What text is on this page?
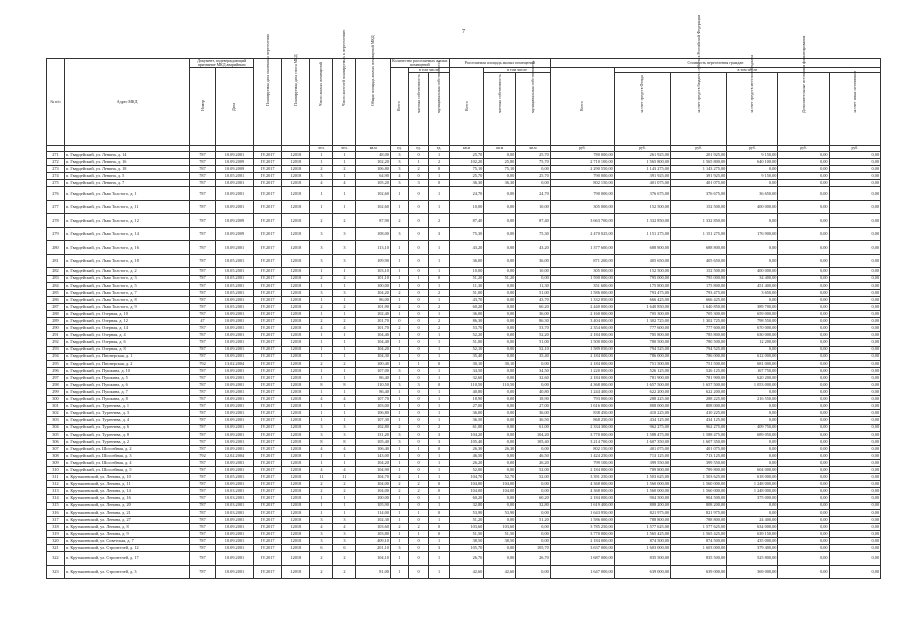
7
№ п/п	Адрес МКД	Документ, подтверждающий признание МКД аварийным		Планируемая дата окончания переселения	Планируемая дата сноса МКД	Число жилых помещений	Число жителей планируемых к переселению	Общая площадь жилых помещений МКД	Количество расселяемых жилых помещений			Расселяемая площадь жилых помещений			Стоимость переселения граждан					
		Номер	Дата						Всего	в том числе		Всего	в том числе		Всего	в том числе				
										частная собственность	муниципальная собственность		частная собственность	муниципальная собственность		за счет средств Фонда	за счет средств бюджета субъекта Российской Федерации	за счет средств местного бюджета	Дополнительные источники финансирования	за счет иных источников
						чел.	чел.	кв.м	ед.	ед.	ед.	кв.м	кв.м	кв.м	руб.	руб.	руб.	руб.	руб.	руб.
271	п. Гвардейский, ул. Ленина, д. 14	787	10.09.2001	IV.2017	12018	1	1	48,00	3	0	1	25,70	0,00	25,70	780 000,00	261 925,00	201 925,00	9 150,00	0,00	0,00
272	п. Гвардейский, ул. Ленина, д. 16	787	10.09.2009	IV.2017	12018	1	1	102,20	3	1	2	102,20	25,80	75,70	2 710 100,00	1 565 800,00	1 565 800,00	640 100,00	0,00	0,00
273	п. Гвардейский, ул. Ленина, д. 18	787	10.09.2009	IV.2017	12018	2	2	106,80	3	2	0	75,10	75,10	0,00	2 290 550,00	1 143 275,00	1 143 275,00	0,00	0,00	0,00
274	п. Гвардейский, ул. Ленина, д. 5	787	10.05.2001	IV.2017	12018	3	1	64,90	4	0	1	25,70	0,00	25,70	790 000,00	391 925,00	391 925,00	9 150,00	0,00	0,00
275	п. Гвардейский, ул. Ленина, д. 7	787	10.09.2001	IV.2017	12018	4	4	105,20	3	3	0	36,30	36,30	0,00	802 150,00	401 075,00	401 075,00	0,00	0,00	0,00
276	п. Гвардейский, ул. Льва Толстого, д. 1	787	10.09.2001	IV.2017	12018	1	1	102,60	1	0	1	24,70	0,00	24,70	790 000,00	376 675,00	376 675,00	36 650,00	0,00	0,00
277	п. Гвардейский, ул. Льва Толстого, д. 11	787	10.09.2001	IV.2017	12018	1	1	102,60	1	0	1	10,00	0,00	10,00	305 000,00	152 500,00	152 500,00	400 000,00	0,00	0,00
278	п. Гвардейский, ул. Льва Толстого, д. 12	787	10.09.2009	IV.2017	12018	2	2	87,90	2	0	2	87,40	0,00	87,40	3 663 700,00	1 332 850,00	1 332 850,00	0,00	0,00	0,00
279	п. Гвардейский, ул. Льва Толстого, д. 14	787	10.09.2009	IV.2017	12018	3	3	108,00	3	0	3	75,30	0,00	75,30	2 470 025,00	1 151 275,00	1 151 275,00	176 900,00	0,00	0,00
280	п. Гвардейский, ул. Льва Толстого, д. 16	787	10.09.2001	IV.2017	12018	3	3	113,10	1	0	1	43,20	0,00	43,20	1 377 600,00	688 800,00	688 800,00	0,00	0,00	0,00
281	п. Гвардейский, ул. Льва Толстого, д. 18	787	10.05.2001	IV.2017	12018	3	3	109,90	1	0	1	36,00	0,00	36,00	871 200,00	405 650,00	405 650,00	0,00	0,00	0,00
282	п. Гвардейский, ул. Льва Толстого, д. 2	787	10.05.2001	IV.2017	12018	1	1	103,10	1	0	1	10,00	0,00	10,00	305 000,00	152 500,00	152 500,00	400 000,00	0,00	0,00
283	п. Гвардейский, ул. Льва Толстого, д. 3	787	10.05.2001	IV.2017	12018	2	2	101,10	1	1	0	51,20	51,20	0,00	1 590 000,00	795 000,00	795 000,00	34 400,00	0,00	0,00
284	п. Гвардейский, ул. Льва Толстого, д. 5	787	10.05.2001	IV.2017	12018	1	1	100,00	1	0	1	11,30	0,00	11,30	351 600,00	175 800,00	175 800,00	451 400,00	0,00	0,00
285	п. Гвардейский, ул. Льва Толстого, д. 7	787	10.05.2001	IV.2017	12018	3	3	104,20	2	0	2	51,00	0,00	51,00	1 586 000,00	793 475,00	793 475,00	3 650,00	0,00	0,00
286	п. Гвардейский, ул. Льва Толстого, д. 8	787	10.09.2001	IV.2017	12018	1	1	86,00	1	0	1	43,70	0,00	43,70	1 332 850,00	666 425,00	666 425,00	0,00	0,00	0,00
287	п. Гвардейский, ул. Льва Толстого, д. 9	787	10.05.2001	IV.2017	12018	2	2	101,90	2	0	2	60,20	0,00	60,20	2 440 000,00	1 640 850,00	1 640 850,00	389 700,00	0,00	0,00
288	п. Гвардейский, ул. Озерная, д. 10	787	10.09.2001	IV.2017	12018	1	1	102,40	1	0	1	36,00	0,00	36,00	2 160 000,00	705 300,00	705 300,00	659 000,00	0,00	0,00
289	п. Гвардейский, ул. Озерная, д. 12	47	10.09.2001	IV.2017	12018	2	2	101,70	0	0	2	86,30	0,00	86,30	3 404 000,00	1 302 725,00	1 302 725,00	798 550,00	0,00	0,00
290	п. Гвардейский, ул. Озерная, д. 14	787	10.09.2001	IV.2017	12018	4	4	101,70	2	0	2	53,70	0,00	53,70	2 354 600,00	777 600,00	777 600,00	670 000,00	0,00	0,00
291	п. Гвардейский, ул. Озерная, д. 4	787	10.09.2001	IV.2017	12018	1	1	104,40	1	0	1	52,20	0,00	52,20	2 184 000,00	785 800,00	785 800,00	630 000,00	0,00	0,00
292	п. Гвардейский, ул. Озерная, д. 6	787	10.09.2001	IV.2017	12018	1	1	104,40	1	0	1	51,00	0,00	51,00	1 500 000,00	780 500,00	780 500,00	12 200,00	0,00	0,00
293	п. Гвардейский, ул. Озерная, д. 8	787	10.09.2001	IV.2017	12018	1	1	104,20	1	0	1	52,10	0,00	52,10	1 589 050,00	794 525,00	794 525,00	0,00	0,00	0,00
294	п. Гвардейский, ул. Пионерская, д. 1	787	10.09.2001	IV.2017	12018	1	1	104,30	1	0	1	35,40	0,00	35,40	2 184 000,00	786 000,00	786 000,00	612 000,00	0,00	0,00
295	п. Гвардейский, ул. Пионерская, д. 2	792	13.02.2004	IV.2017	12018	2	2	100,40	1	1	0	30,10	30,10	0,00	2 184 000,00	751 500,00	751 500,00	681 000,00	0,00	0,00
296	п. Гвардейский, ул. Пушкина, д. 10	787	10.09.2001	IV.2017	12018	1	1	107,00	3	0	1	34,50	0,00	34,50	1 220 000,00	526 125,00	526 125,00	167 750,00	0,00	0,00
297	п. Гвардейский, ул. Пушкина, д. 5	787	10.09.2001	IV.2017	12018	1	1	86,40	1	0	1	32,60	0,00	32,60	2 184 000,00	781 900,00	781 900,00	620 200,00	0,00	0,00
298	п. Гвардейский, ул. Пушкина, д. 6	787	10.09.2001	IV.2017	12018	8	8	110,50	3	3	0	110,50	110,50	0,00	4 368 000,00	1 657 500,00	1 657 500,00	1 053 000,00	0,00	0,00
299	п. Гвардейский, ул. Пушкина, д. 7	787	10.09.2001	IV.2017	12018	1	1	86,40	1	0	1	40,80	0,00	40,80	1 244 400,00	622 200,00	622 200,00	0,00	0,00	0,00
300	п. Гвардейский, ул. Пушкина, д. 8	787	10.09.2001	IV.2017	12018	4	4	107,70	1	0	1	18,90	0,00	18,90	793 000,00	288 225,00	288 225,00	216 550,00	0,00	0,00
301	п. Гвардейский, ул. Тургенева, д. 1	787	10.09.2001	IV.2017	12018	1	1	103,00	1	0	1	27,00	0,00	27,00	1 616 000,00	808 000,00	808 000,00	0,00	0,00	0,00
302	п. Гвардейский, ул. Тургенева, д. 3	787	10.09.2001	IV.2017	12018	1	1	106,80	1	0	1	36,00	0,00	36,00	838 450,00	410 225,00	410 225,00	0,00	0,00	0,00
303	п. Гвардейский, ул. Тургенева, д. 4	787	10.09.2001	IV.2017	12018	1	1	107,30	1	0	1	36,50	0,00	36,50	868 250,00	434 125,00	434 125,00	0,00	0,00	0,00
304	п. Гвардейский, ул. Тургенева, д. 6	787	10.09.2001	IV.2017	12018	3	3	102,80	2	0	2	61,00	0,00	61,00	2 334 300,00	962 275,00	962 275,00	409 750,00	0,00	0,00
305	п. Гвардейский, ул. Тургенева, д. 8	787	10.09.2001	IV.2017	12018	3	3	131,20	3	0	3	104,20	0,00	104,20	3 770 000,00	1 588 475,00	1 588 475,00	689 050,00	0,00	0,00
306	п. Гвардейский, ул. Тургенева, д. 2	787	10.09.2001	IV.2017	12018	8	8	105,40	3	0	3	105,40	0,00	105,40	3 214 700,00	1 607 350,00	1 607 350,00	0,00	0,00	0,00
307	п. Гвардейский, ул. Шоссейная, д. 2	787	10.09.2001	IV.2017	12018	4	4	106,40	1	1	0	26,30	26,30	0,00	802 150,00	401 075,00	401 075,00	0,00	0,00	0,00
308	п. Гвардейский, ул. Шоссейная, д. 3	792	12.02.2004	IV.2017	12018	1	1	143,00	1	0	1	46,50	0,00	46,50	1 424 250,00	713 125,00	713 125,00	0,00	0,00	0,00
309	п. Гвардейский, ул. Шоссейная, д. 4	787	10.09.2001	IV.2017	12018	1	1	104,20	1	0	1	26,20	0,00	26,20	799 100,00	399 550,00	399 550,00	0,00	0,00	0,00
310	п. Гвардейский, ул. Шоссейная, д. 5	787	10.09.2001	IV.2017	12018	4	4	104,90	1	0	1	52,00	0,00	52,00	2 184 000,00	789 800,00	789 800,00	604 000,00	0,00	0,00
311	п. Крутышевский, ул. Ленина, д. 10	787	10.05.2001	IV.2017	12018	11	11	104,70	2	1	1	104,70	52,70	52,00	3 391 250,00	1 503 625,00	1 503 625,00	618 000,00	0,00	0,00
312	п. Крутышевский, ул. Ленина, д. 11	787	10.09.2001	IV.2017	12018	2	2	104,00	2	2	0	104,00	104,00	0,00	4 368 000,00	1 560 000,00	1 560 000,00	1 248 000,00	0,00	0,00
313	п. Крутышевский, ул. Ленина, д. 14	787	10.03.2001	IV.2017	12018	2	2	104,00	2	2	0	104,00	104,00	0,00	4 368 000,00	1 560 000,00	1 560 000,00	1 248 000,00	0,00	0,00
314	п. Крутышевский, ул. Ленина, д. 16	787	10.03.2001	IV.2017	12018	1	1	100,00	1	0	1	60,20	0,00	60,20	2 184 000,00	904 500,00	904 500,00	375 000,00	0,00	0,00
315	п. Крутышевский, ул. Ленина, д. 20	787	10.03.2001	IV.2017	12018	1	1	105,90	1	0	1	32,80	0,00	32,80	1 619 400,00	808 200,00	808 200,00	0,00	0,00	0,00
316	п. Крутышевский, ул. Ленина, д. 21	787	10.03.2001	IV.2017	12018	1	1	114,00	1	1	0	53,90	53,90	0,00	1 643 950,00	821 975,00	821 975,00	0,00	0,00	0,00
317	п. Крутышевский, ул. Ленина, д. 27	787	10.09.2001	IV.2017	12018	3	3	102,30	1	0	1	51,20	0,00	51,20	1 586 000,00	788 800,00	788 800,00	24 400,00	0,00	0,00
318	п. Крутышевский, ул. Ленина, д. 8	787	10.09.2001	IV.2017	12018	4	4	103,60	2	2	0	103,60	103,60	0,00	3 785 250,00	1 577 625,00	1 577 625,00	634 000,00	0,00	0,00
319	п. Крутышевский, ул. Ленина, д. 9	787	10.09.2001	IV.2017	12018	3	3	103,80	1	1	0	51,50	51,50	0,00	3 770 000,00	1 565 425,00	1 565 425,00	639 150,00	0,00	0,00
320	п. Крутышевский, ул. Советская, д. 7	787	10.09.2001	IV.2017	12018	3	3	409,10	1	0	1	38,50	38,50	0,00	2 184 000,00	874 500,00	874 500,00	435 000,00	0,00	0,00
321	п. Крутышевский, ул. Строителей, д. 12	787	10.09.2001	IV.2017	12018	6	6	201,10	3	0	3	105,70	0,00	105,70	3 637 000,00	1 603 000,00	1 603 000,00	379 400,00	0,00	0,00
322	п. Крутышевский, ул. Строителей, д. 17	787	10.09.2001	IV.2017	12018	2	2	104,10	1	0	1	26,70	0,00	26,70	1 687 000,00	835 500,00	835 500,00	525 800,00	0,00	0,00
323	п. Крутышевский, ул. Строителей, д. 3	787	10.09.2001	IV.2017	12018	2	2	81,00	1	0	1	42,60	42,60	0,00	1 647 000,00	639 000,00	639 000,00	369 000,00	0,00	0,00
